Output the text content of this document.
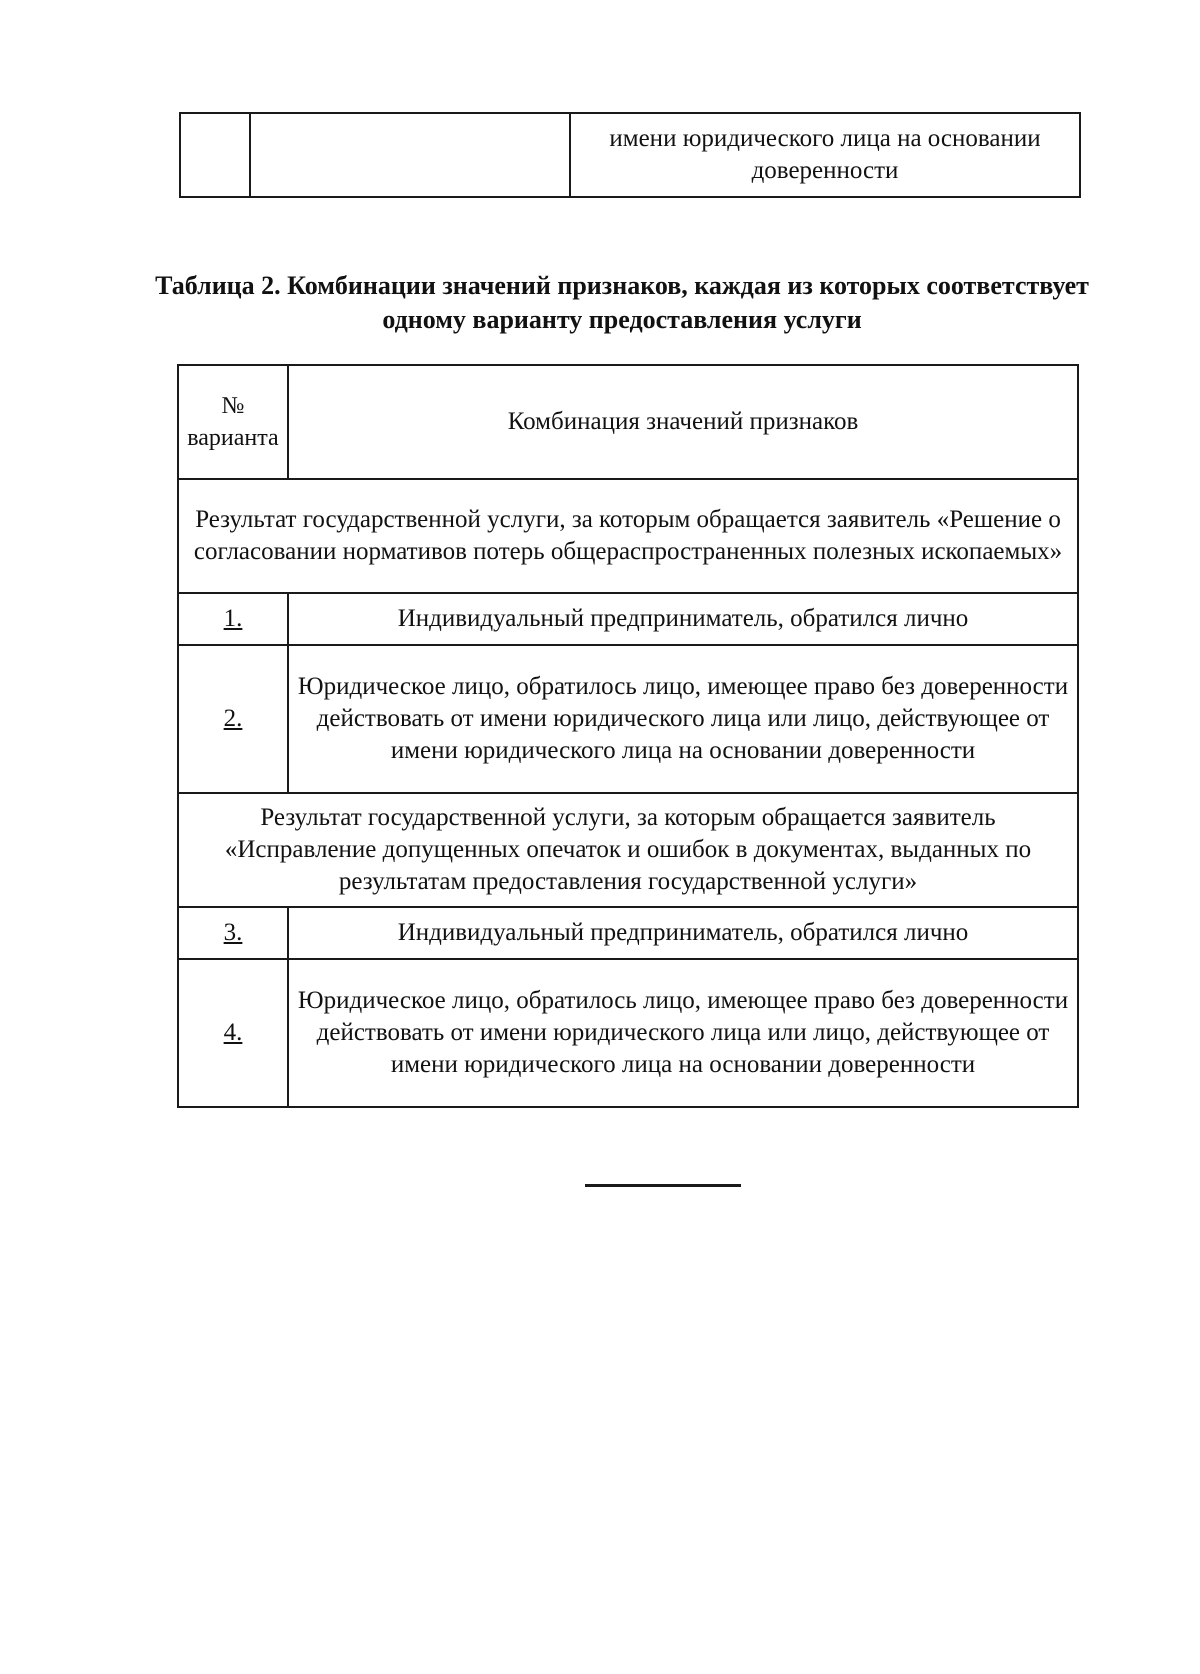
		имени юридического лица на основании доверенности
Таблица 2. Комбинации значений признаков, каждая из которых соответствует одному варианту предоставления услуги
№ варианта	Комбинация значений признаков
Результат государственной услуги, за которым обращается заявитель «Решение о согласовании нормативов потерь общераспространенных полезных ископаемых»	
1.	Индивидуальный предприниматель, обратился лично
2.	Юридическое лицо, обратилось лицо, имеющее право без доверенности действовать от имени юридического лица или лицо, действующее от имени юридического лица на основании доверенности
Результат государственной услуги, за которым обращается заявитель «Исправление допущенных опечаток и ошибок в документах, выданных по результатам предоставления государственной услуги»	
3.	Индивидуальный предприниматель, обратился лично
4.	Юридическое лицо, обратилось лицо, имеющее право без доверенности действовать от имени юридического лица или лицо, действующее от имени юридического лица на основании доверенности
